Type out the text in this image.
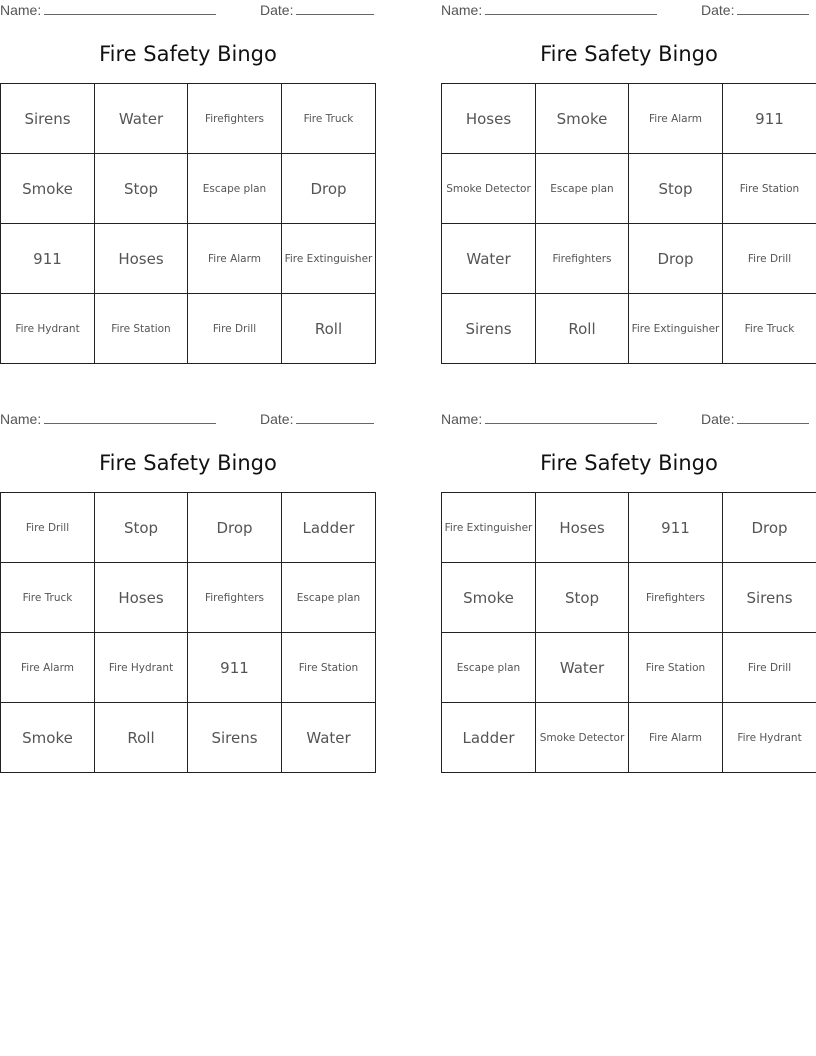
Name:	Date:
Fire Safety Bingo
Sirens	Water	Firefighters	Fire Truck
Smoke	Stop	Escape plan	Drop
911	Hoses	Fire Alarm	Fire Extinguisher
Fire Hydrant	Fire Station	Fire Drill	Roll
Name:	Date:
Fire Safety Bingo
Hoses	Smoke	Fire Alarm	911
Smoke Detector	Escape plan	Stop	Fire Station
Water	Firefighters	Drop	Fire Drill
Sirens	Roll	Fire Extinguisher	Fire Truck
Name:	Date:
Fire Safety Bingo
Fire Drill	Stop	Drop	Ladder
Fire Truck	Hoses	Firefighters	Escape plan
Fire Alarm	Fire Hydrant	911	Fire Station
Smoke	Roll	Sirens	Water
Name:	Date:
Fire Safety Bingo
Fire Extinguisher	Hoses	911	Drop
Smoke	Stop	Firefighters	Sirens
Escape plan	Water	Fire Station	Fire Drill
Ladder	Smoke Detector	Fire Alarm	Fire Hydrant
